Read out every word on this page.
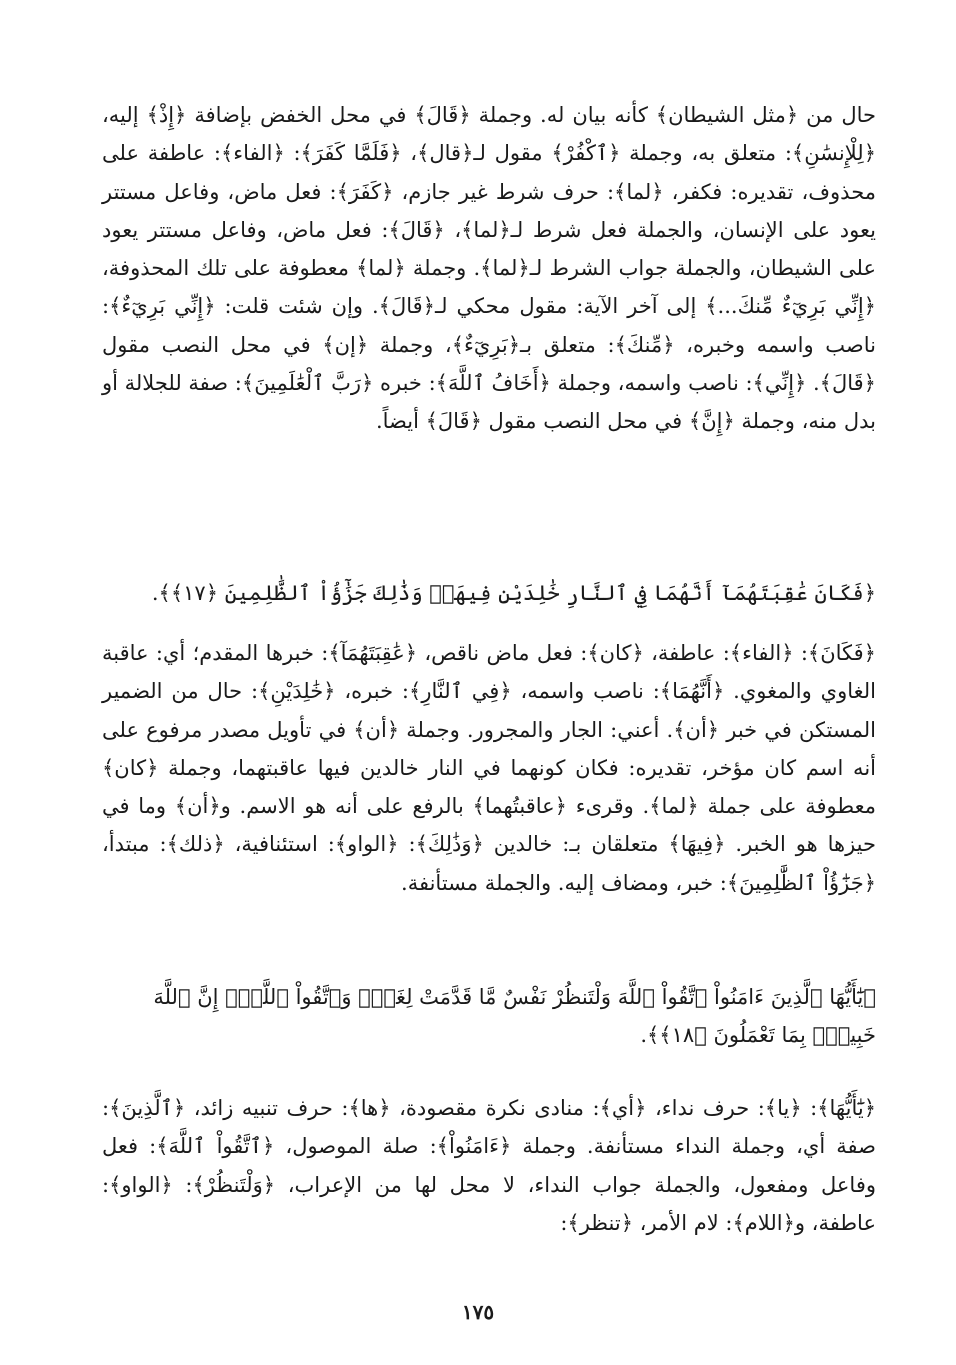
حال من ﴿مثل الشيطان﴾ كأنه بيان له. وجملة ﴿قَالَ﴾ في محل الخفض بإضافة ﴿إِذْ﴾ إليه، ﴿لِلْإِنسَٰنِ﴾: متعلق به، وجملة ﴿ٱكْفُرْ﴾ مقول لـ﴿قال﴾، ﴿فَلَمَّا كَفَرَ﴾: ﴿الفاء﴾: عاطفة على محذوف، تقديره: فكفر، ﴿لما﴾: حرف شرط غير جازم، ﴿كَفَرَ﴾: فعل ماض، وفاعل مستتر يعود على الإنسان، والجملة فعل شرط لـ﴿لما﴾، ﴿قَالَ﴾: فعل ماض، وفاعل مستتر يعود على الشيطان، والجملة جواب الشرط لـ﴿لما﴾. وجملة ﴿لما﴾ معطوفة على تلك المحذوفة، ﴿إِنِّي بَرِيٓءٌ مِّنكَ...﴾ إلى آخر الآية: مقول محكي لـ﴿قَالَ﴾. وإن شئت قلت: ﴿إِنِّي بَرِيٓءٌ﴾: ناصب واسمه وخبره، ﴿مِّنكَ﴾: متعلق بـ﴿بَرِيٓءٌ﴾، وجملة ﴿إن﴾ في محل النصب مقول ﴿قَالَ﴾. ﴿إِنِّي﴾: ناصب واسمه، وجملة ﴿أَخَافُ ٱللَّهَ﴾: خبره ﴿رَبَّ ٱلْعَٰلَمِينَ﴾: صفة للجلالة أو بدل منه، وجملة ﴿إِنَّ﴾ في محل النصب مقول ﴿قَالَ﴾ أيضاً.
﴿فَكَانَ عَٰقِبَتَهُمَآ أَنَّهُمَا فِي ٱلنَّارِ خَٰلِدَيْنِ فِيهَاۚ وَذَٰلِكَ جَزَٰٓؤُاْ ٱلظَّٰلِمِينَ ﴿١٧﴾﴾.
﴿فَكَانَ﴾: ﴿الفاء﴾: عاطفة، ﴿كان﴾: فعل ماض ناقص، ﴿عَٰقِبَتَهُمَآ﴾: خبرها المقدم؛ أي: عاقبة الغاوي والمغوي. ﴿أَنَّهُمَا﴾: ناصب واسمه، ﴿فِي ٱلنَّارِ﴾: خبره، ﴿خَٰلِدَيْنِ﴾: حال من الضمير المستكن في خبر ﴿أن﴾. أعني: الجار والمجرور. وجملة ﴿أن﴾ في تأويل مصدر مرفوع على أنه اسم كان مؤخر، تقديره: فكان كونهما في النار خالدين فيها عاقبتهما، وجملة ﴿كان﴾ معطوفة على جملة ﴿لما﴾. وقرىء ﴿عاقبتُهما﴾ بالرفع على أنه هو الاسم. و﴿أن﴾ وما في حيزها هو الخبر. ﴿فِيهَا﴾ متعلقان بـ: خالدين ﴿وَذَٰلِكَ﴾: ﴿الواو﴾: استئنافية، ﴿ذلك﴾: مبتدأ، ﴿جَزَٰٓؤُاْ ٱلظَّٰلِمِينَ﴾: خبر، ومضاف إليه. والجملة مستأنفة.
﴿يَٰٓأَيُّهَا ٱلَّذِينَ ءَامَنُواْ ٱتَّقُواْ ٱللَّهَ وَلْتَنظُرْ نَفْسٌ مَّا قَدَّمَتْ لِغَدٍۖ وَٱتَّقُواْ ٱللَّهَۚ إِنَّ ٱللَّهَ خَبِيرٌۢ بِمَا تَعْمَلُونَ ﴿١٨﴾﴾.
﴿يَٰٓأَيُّهَا﴾: ﴿يا﴾: حرف نداء، ﴿أي﴾: منادى نكرة مقصودة، ﴿ها﴾: حرف تنبيه زائد، ﴿ٱلَّذِينَ﴾: صفة أي، وجملة النداء مستأنفة. وجملة ﴿ءَامَنُواْ﴾: صلة الموصول، ﴿ٱتَّقُواْ ٱللَّهَ﴾: فعل وفاعل ومفعول، والجملة جواب النداء، لا محل لها من الإعراب، ﴿وَلْتَنظُرْ﴾: ﴿الواو﴾: عاطفة، و﴿اللام﴾: لام الأمر، ﴿تنظر﴾:
١٧٥
